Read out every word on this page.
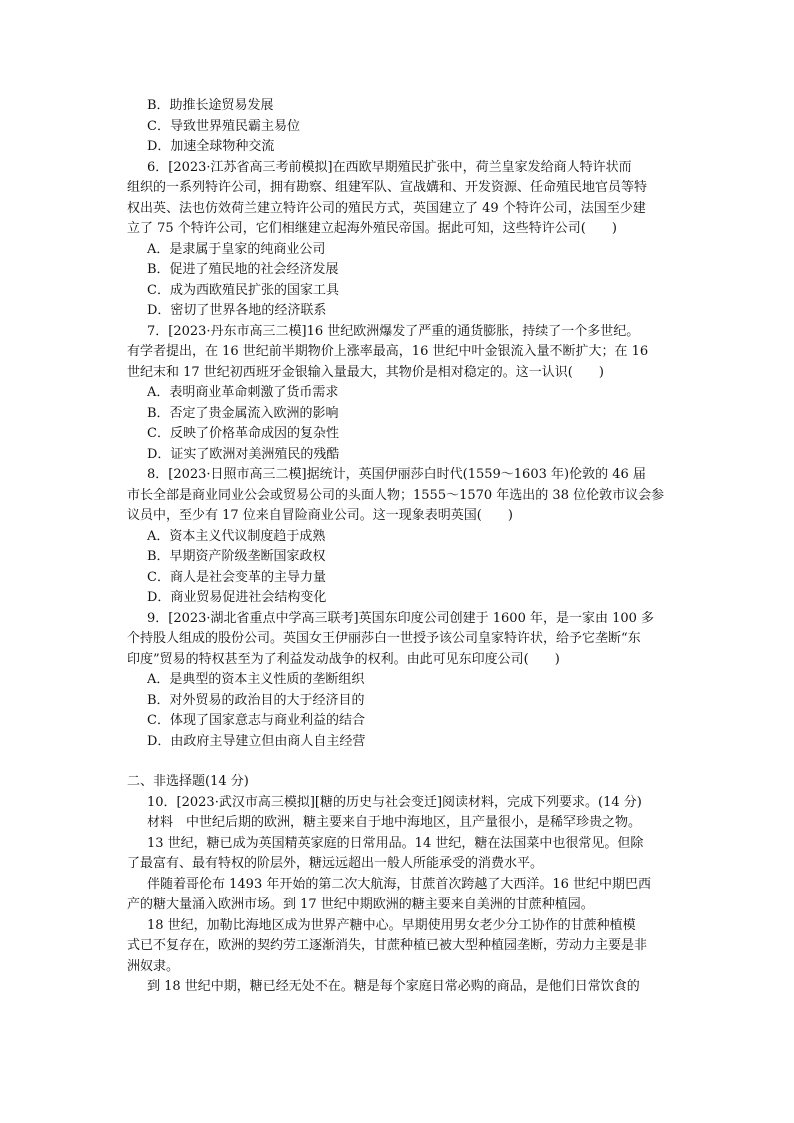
B．助推长途贸易发展
C．导致世界殖民霸主易位
D．加速全球物种交流
6．[2023·江苏省高三考前模拟]在西欧早期殖民扩张中，荷兰皇家发给商人特许状而
组织的一系列特许公司，拥有勘察、组建军队、宣战媾和、开发资源、任命殖民地官员等特
权出英、法也仿效荷兰建立特许公司的殖民方式，英国建立了 49 个特许公司，法国至少建
立了 75 个特许公司，它们相继建立起海外殖民帝国。据此可知，这些特许公司(　　)
A．是隶属于皇家的纯商业公司
B．促进了殖民地的社会经济发展
C．成为西欧殖民扩张的国家工具
D．密切了世界各地的经济联系
7．[2023·丹东市高三二模]16 世纪欧洲爆发了严重的通货膨胀，持续了一个多世纪。
有学者提出，在 16 世纪前半期物价上涨率最高，16 世纪中叶金银流入量不断扩大；在 16
世纪末和 17 世纪初西班牙金银输入量最大，其物价是相对稳定的。这一认识(　　)
A．表明商业革命刺激了货币需求
B．否定了贵金属流入欧洲的影响
C．反映了价格革命成因的复杂性
D．证实了欧洲对美洲殖民的残酷
8．[2023·日照市高三二模]据统计，英国伊丽莎白时代(1559～1603 年)伦敦的 46 届
市长全部是商业同业公会或贸易公司的头面人物；1555～1570 年选出的 38 位伦敦市议会参
议员中，至少有 17 位来自冒险商业公司。这一现象表明英国(　　)
A．资本主义代议制度趋于成熟
B．早期资产阶级垄断国家政权
C．商人是社会变革的主导力量
D．商业贸易促进社会结构变化
9．[2023·湖北省重点中学高三联考]英国东印度公司创建于 1600 年，是一家由 100 多
个持股人组成的股份公司。英国女王伊丽莎白一世授予该公司皇家特许状，给予它垄断“东
印度”贸易的特权甚至为了利益发动战争的权利。由此可见东印度公司(　　)
A．是典型的资本主义性质的垄断组织
B．对外贸易的政治目的大于经济目的
C．体现了国家意志与商业利益的结合
D．由政府主导建立但由商人自主经营
二、非选择题(14 分)
10．[2023·武汉市高三模拟][糖的历史与社会变迁]阅读材料，完成下列要求。(14 分)
材料　中世纪后期的欧洲，糖主要来自于地中海地区，且产量很小，是稀罕珍贵之物。
13 世纪，糖已成为英国精英家庭的日常用品。14 世纪，糖在法国菜中也很常见。但除
了最富有、最有特权的阶层外，糖远远超出一般人所能承受的消费水平。
伴随着哥伦布 1493 年开始的第二次大航海，甘蔗首次跨越了大西洋。16 世纪中期巴西
产的糖大量涌入欧洲市场。到 17 世纪中期欧洲的糖主要来自美洲的甘蔗种植园。
18 世纪，加勒比海地区成为世界产糖中心。早期使用男女老少分工协作的甘蔗种植模
式已不复存在，欧洲的契约劳工逐渐消失，甘蔗种植已被大型种植园垄断，劳动力主要是非
洲奴隶。
到 18 世纪中期，糖已经无处不在。糖是每个家庭日常必购的商品，是他们日常饮食的
